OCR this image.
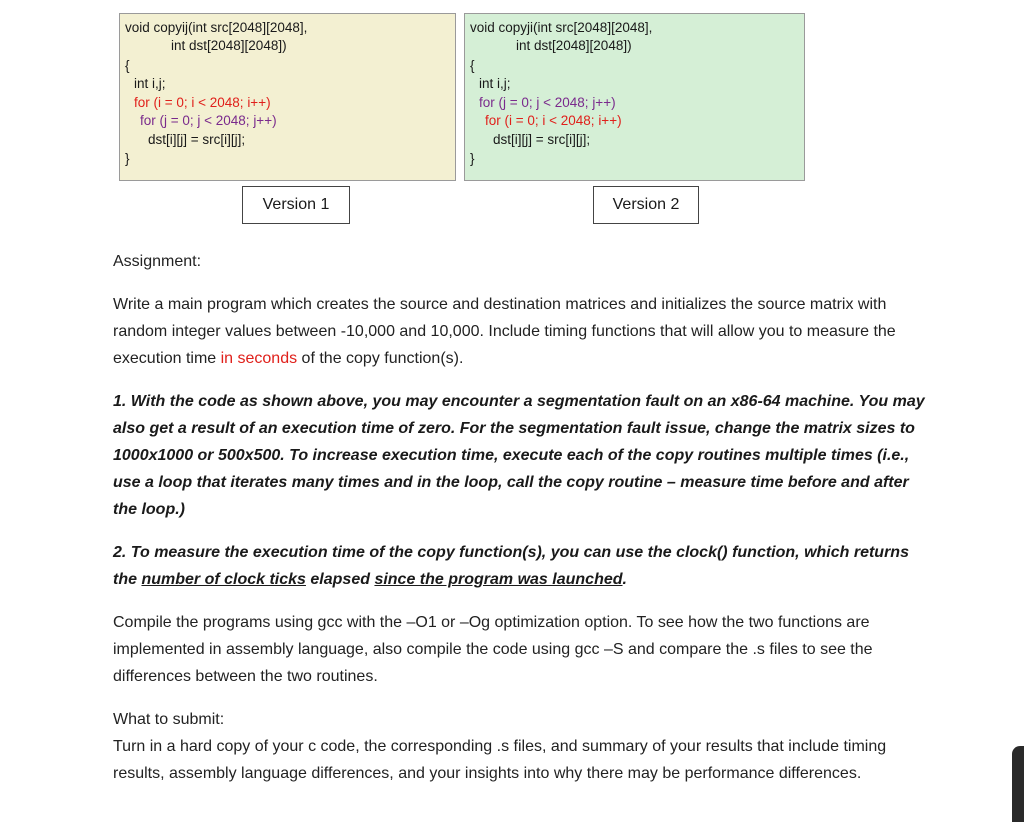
void copyij(int src[2048][2048],
int dst[2048][2048])
{
int i,j;
for (i = 0; i < 2048; i++)
for (j = 0; j < 2048; j++)
dst[i][j] = src[i][j];
}
void copyji(int src[2048][2048],
int dst[2048][2048])
{
int i,j;
for (j = 0; j < 2048; j++)
for (i = 0; i < 2048; i++)
dst[i][j] = src[i][j];
}
Version 1	Version 2
Assignment:
Write a main program which creates the source and destination matrices and initializes the source matrix with random integer values between -10,000 and 10,000. Include timing functions that will allow you to measure the execution time in seconds of the copy function(s).
1. With the code as shown above, you may encounter a segmentation fault on an x86-64 machine. You may also get a result of an execution time of zero. For the segmentation fault issue, change the matrix sizes to 1000x1000 or 500x500. To increase execution time, execute each of the copy routines multiple times (i.e., use a loop that iterates many times and in the loop, call the copy routine – measure time before and after the loop.)
2. To measure the execution time of the copy function(s), you can use the clock() function, which returns the number of clock ticks elapsed since the program was launched.
Compile the programs using gcc with the –O1 or –Og optimization option. To see how the two functions are implemented in assembly language, also compile the code using gcc –S and compare the .s files to see the differences between the two routines.
What to submit:
Turn in a hard copy of your c code, the corresponding .s files, and summary of your results that include timing results, assembly language differences, and your insights into why there may be performance differences.
